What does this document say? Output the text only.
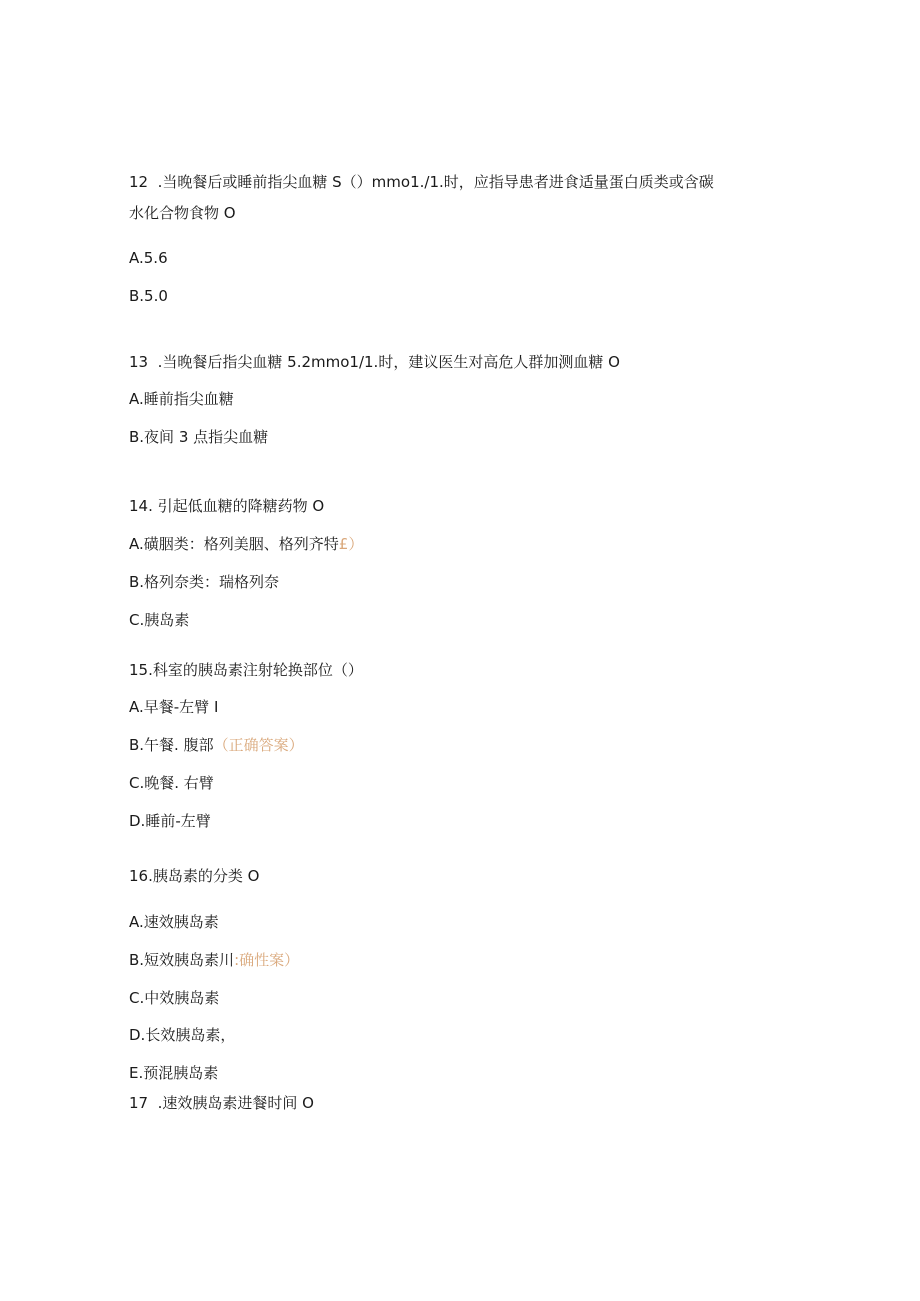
12  .当晚餐后或睡前指尖血糖 S（）mmo1./1.时，应指导患者进食适量蛋白质类或含碳
水化合物食物 O
A.5.6
B.5.0
13  .当晚餐后指尖血糖 5.2mmo1/1.时，建议医生对高危人群加测血糖 O
A.睡前指尖血糖
B.夜间 3 点指尖血糖
14. 引起低血糖的降糖药物 O
A.磺胭类：格列美胭、格列齐特£）
B.格列奈类：瑞格列奈
C.胰岛素
15.科室的胰岛素注射轮换部位（）
A.早餐-左臂 I
B.午餐. 腹部（正确答案）
C.晚餐. 右臂
D.睡前-左臂
16.胰岛素的分类 O
A.速效胰岛素
B.短效胰岛素川:确性案）
C.中效胰岛素
D.长效胰岛素，
E.预混胰岛素
17  .速效胰岛素进餐时间 O
